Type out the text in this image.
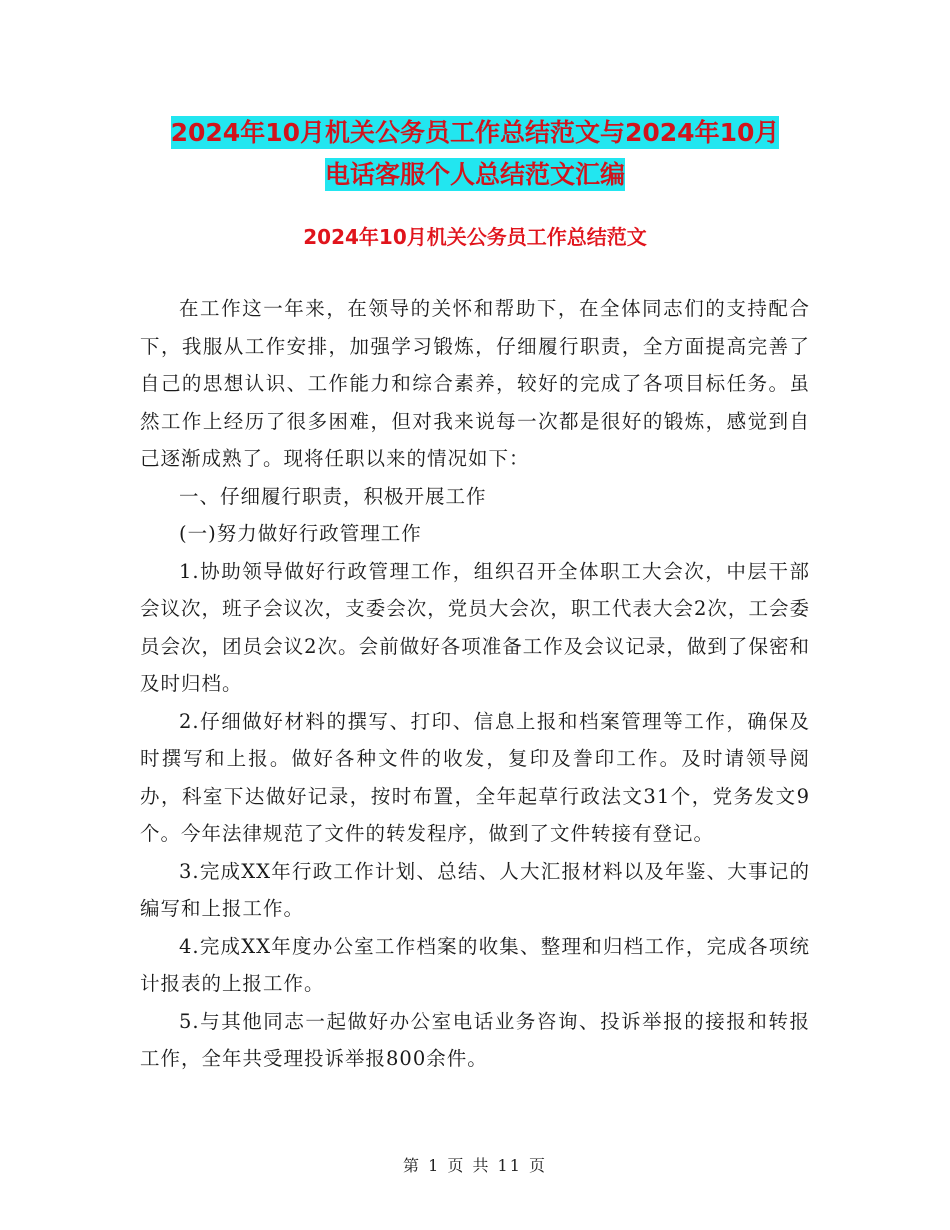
2024年10月机关公务员工作总结范文与2024年10月
电话客服个人总结范文汇编
2024年10月机关公务员工作总结范文

在工作这一年来，在领导的关怀和帮助下，在全体同志们的支持配合下，我服从工作安排，加强学习锻炼，仔细履行职责，全方面提高完善了自己的思想认识、工作能力和综合素养，较好的完成了各项目标任务。虽然工作上经历了很多困难，但对我来说每一次都是很好的锻炼，感觉到自己逐渐成熟了。现将任职以来的情况如下：

一、仔细履行职责，积极开展工作

(一)努力做好行政管理工作

1.协助领导做好行政管理工作，组织召开全体职工大会次，中层干部会议次，班子会议次，支委会次，党员大会次，职工代表大会2次，工会委员会次，团员会议2次。会前做好各项准备工作及会议记录，做到了保密和及时归档。

2.仔细做好材料的撰写、打印、信息上报和档案管理等工作，确保及时撰写和上报。做好各种文件的收发，复印及誊印工作。及时请领导阅办，科室下达做好记录，按时布置，全年起草行政法文31个，党务发文9个。今年法律规范了文件的转发程序，做到了文件转接有登记。

3.完成XX年行政工作计划、总结、人大汇报材料以及年鉴、大事记的编写和上报工作。

4.完成XX年度办公室工作档案的收集、整理和归档工作，完成各项统计报表的上报工作。

5.与其他同志一起做好办公室电话业务咨询、投诉举报的接报和转报工作，全年共受理投诉举报800余件。

第 1 页 共 11 页
